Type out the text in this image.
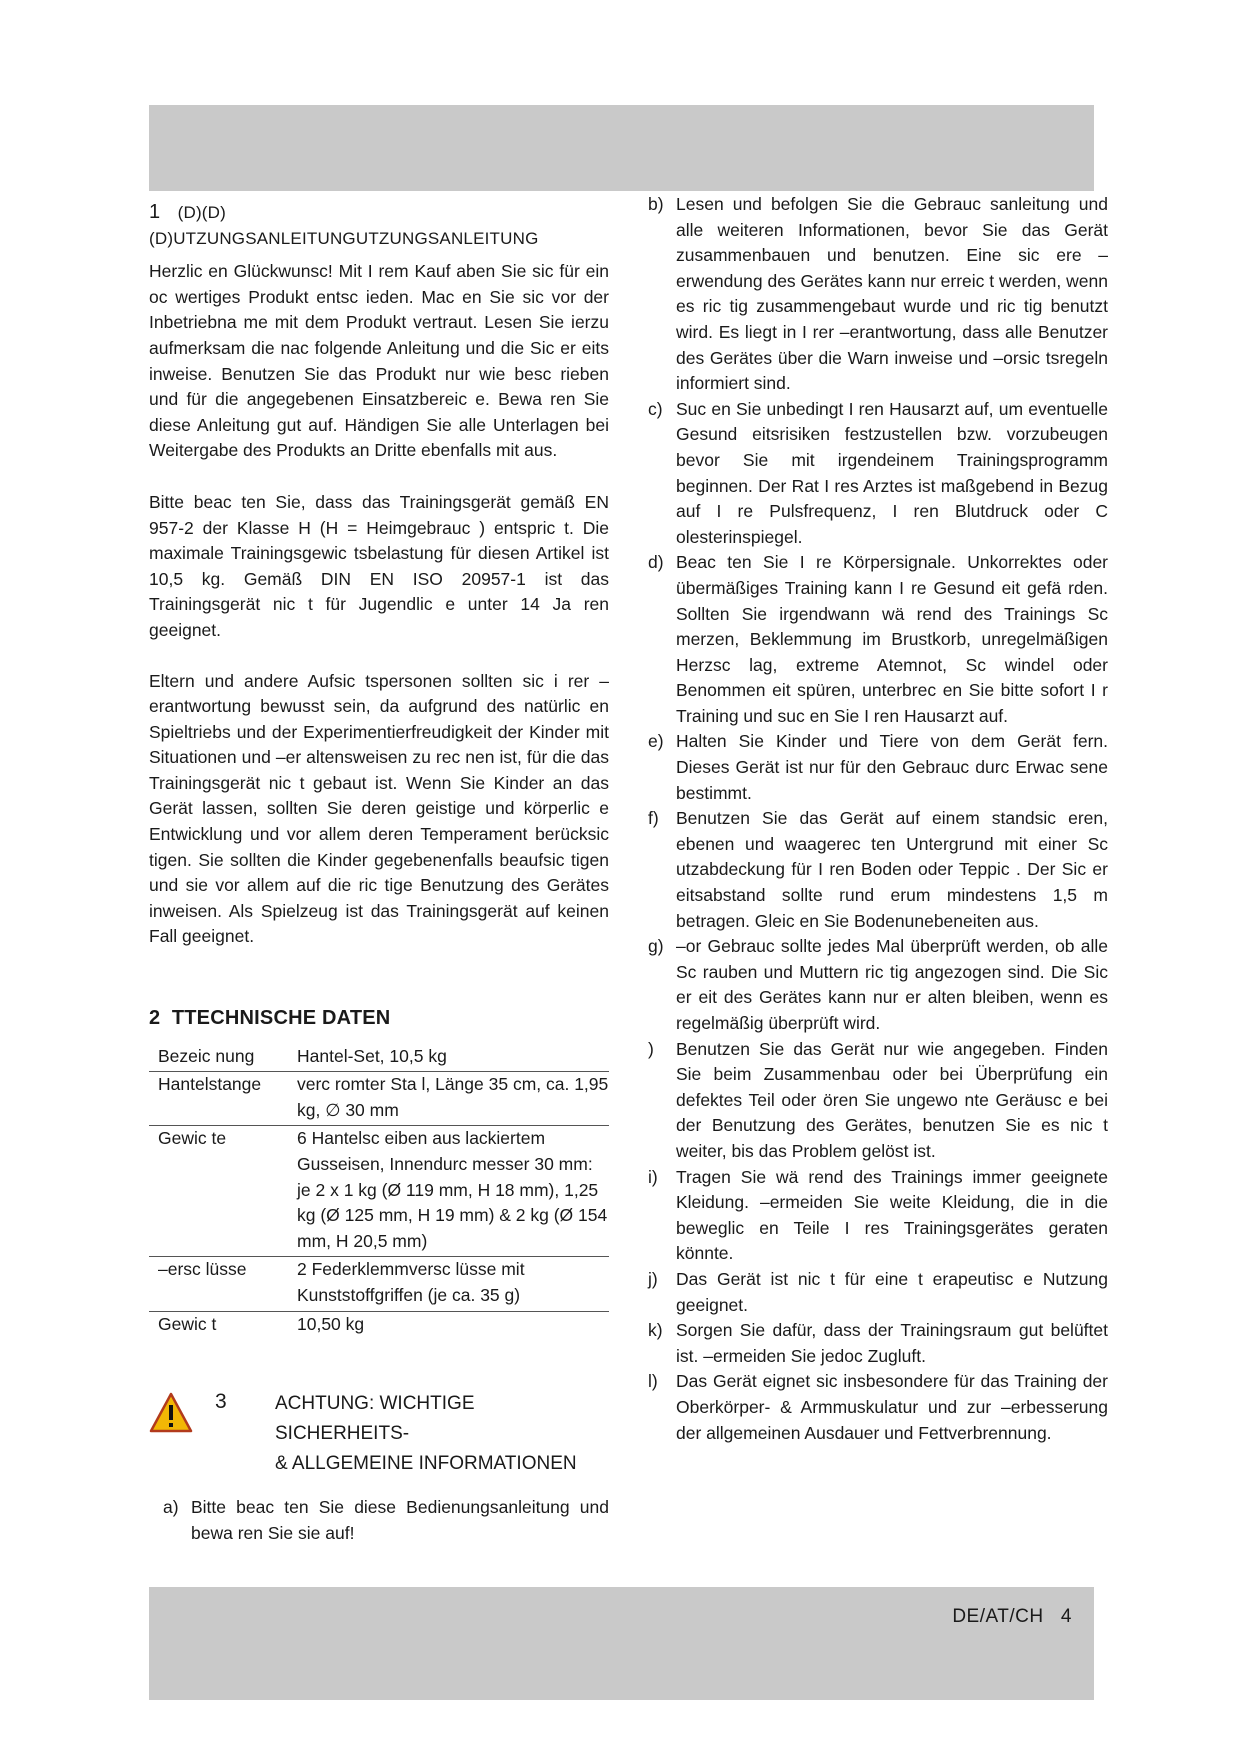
1 (D)(D)(D)UTZUNGSANLEITUNGUTZUNGSANLEITUNG

Herzlic en Glückwunsc! Mit I rem Kauf aben Sie sic für ein oc wertiges Produkt entsc ieden. Mac en Sie sic vor der Inbetriebna me mit dem Produkt vertraut. Lesen Sie ierzu aufmerksam die nac folgende Anleitung und die Sic er eits inweise. Benutzen Sie das Produkt nur wie besc rieben und für die angegebenen Einsatzbereic e. Bewa ren Sie diese Anleitung gut auf. Händigen Sie alle Unterlagen bei Weitergabe des Produkts an Dritte ebenfalls mit aus.

Bitte beac ten Sie, dass das Trainingsgerät gemäß EN 957-2 der Klasse H (H = Heimgebrauc ) entspric t. Die maximale Trainingsgewic tsbelastung für diesen Artikel ist 10,5 kg. Gemäß DIN EN ISO 20957-1 ist das Trainingsgerät nic t für Jugendlic e unter 14 Ja ren geeignet.

Eltern und andere Aufsic tspersonen sollten sic i rer –erantwortung bewusst sein, da aufgrund des natürlic en Spieltriebs und der Experimentierfreudigkeit der Kinder mit Situationen und –er altensweisen zu rec nen ist, für die das Trainingsgerät nic t gebaut ist. Wenn Sie Kinder an das Gerät lassen, sollten Sie deren geistige und körperlic e Entwicklung und vor allem deren Temperament berücksic tigen. Sie sollten die Kinder gegebenenfalls beaufsic tigen und sie vor allem auf die ric tige Benutzung des Gerätes inweisen. Als Spielzeug ist das Trainingsgerät auf keinen Fall geeignet.

2 TTECHNISCHE DATEN
Bezeic nung	Hantel-Set, 10,5 kg
Hantelstange	verc romter Sta l, Länge 35 cm, ca. 1,95 kg, ∅ 30 mm
Gewic te	6 Hantelsc eiben aus lackiertem Gusseisen, Innendurc messer 30 mm: je 2 x 1 kg (Ø 119 mm, H 18 mm), 1,25 kg (Ø 125 mm, H 19 mm) & 2 kg (Ø 154 mm, H 20,5 mm)
–ersc lüsse	2 Federklemmversc lüsse mit Kunststoffgriffen (je ca. 35 g)
Gewic t	10,50 kg
3	ACHTUNG: WICHTIGE SICHERHEITS-
& ALLGEMEINE INFORMATIONEN
a) Bitte beac ten Sie diese Bedienungsanleitung und bewa ren Sie sie auf!

b) Lesen und befolgen Sie die Gebrauc sanleitung und alle weiteren Informationen, bevor Sie das Gerät zusammenbauen und benutzen. Eine sic ere –erwendung des Gerätes kann nur erreic t werden, wenn es ric tig zusammengebaut wurde und ric tig benutzt wird. Es liegt in I rer –erantwortung, dass alle Benutzer des Gerätes über die Warn inweise und –orsic tsregeln informiert sind.

c) Suc en Sie unbedingt I ren Hausarzt auf, um eventuelle Gesund eitsrisiken festzustellen bzw. vorzubeugen bevor Sie mit irgendeinem Trainingsprogramm beginnen. Der Rat I res Arztes ist maßgebend in Bezug auf I re Pulsfrequenz, I ren Blutdruck oder C olesterinspiegel.

d) Beac ten Sie I re Körpersignale. Unkorrektes oder übermäßiges Training kann I re Gesund eit gefä rden. Sollten Sie irgendwann wä rend des Trainings Sc merzen, Beklemmung im Brustkorb, unregelmäßigen Herzsc lag, extreme Atemnot, Sc windel oder Benommen eit spüren, unterbrec en Sie bitte sofort I r Training und suc en Sie I ren Hausarzt auf.

e) Halten Sie Kinder und Tiere von dem Gerät fern. Dieses Gerät ist nur für den Gebrauc durc Erwac sene bestimmt.

f) Benutzen Sie das Gerät auf einem standsic eren, ebenen und waagerec ten Untergrund mit einer Sc utzabdeckung für I ren Boden oder Teppic . Der Sic er eitsabstand sollte rund erum mindestens 1,5 m betragen. Gleic en Sie Bodenunebeneiten aus.

g) –or Gebrauc sollte jedes Mal überprüft werden, ob alle Sc rauben und Muttern ric tig angezogen sind. Die Sic er eit des Gerätes kann nur er alten bleiben, wenn es regelmäßig überprüft wird.

)	Benutzen Sie das Gerät nur wie angegeben. Finden Sie beim Zusammenbau oder bei Überprüfung ein defektes Teil oder ören Sie ungewo nte Geräusc e bei der Benutzung des Gerätes, benutzen Sie es nic t weiter, bis das Problem gelöst ist.

i)	Tragen Sie wä rend des Trainings immer geeignete Kleidung. –ermeiden Sie weite Kleidung, die in die beweglic en Teile I res Trainingsgerätes geraten könnte.

j)	Das Gerät ist nic t für eine t erapeutisc e Nutzung geeignet.

k) Sorgen Sie dafür, dass der Trainingsraum gut belüftet ist. –ermeiden Sie jedoc Zugluft.

l)	Das Gerät eignet sic insbesondere für das Training der Oberkörper- & Armmuskulatur und zur –erbesserung der allgemeinen Ausdauer und Fettverbrennung.

DE/AT/CH 4
